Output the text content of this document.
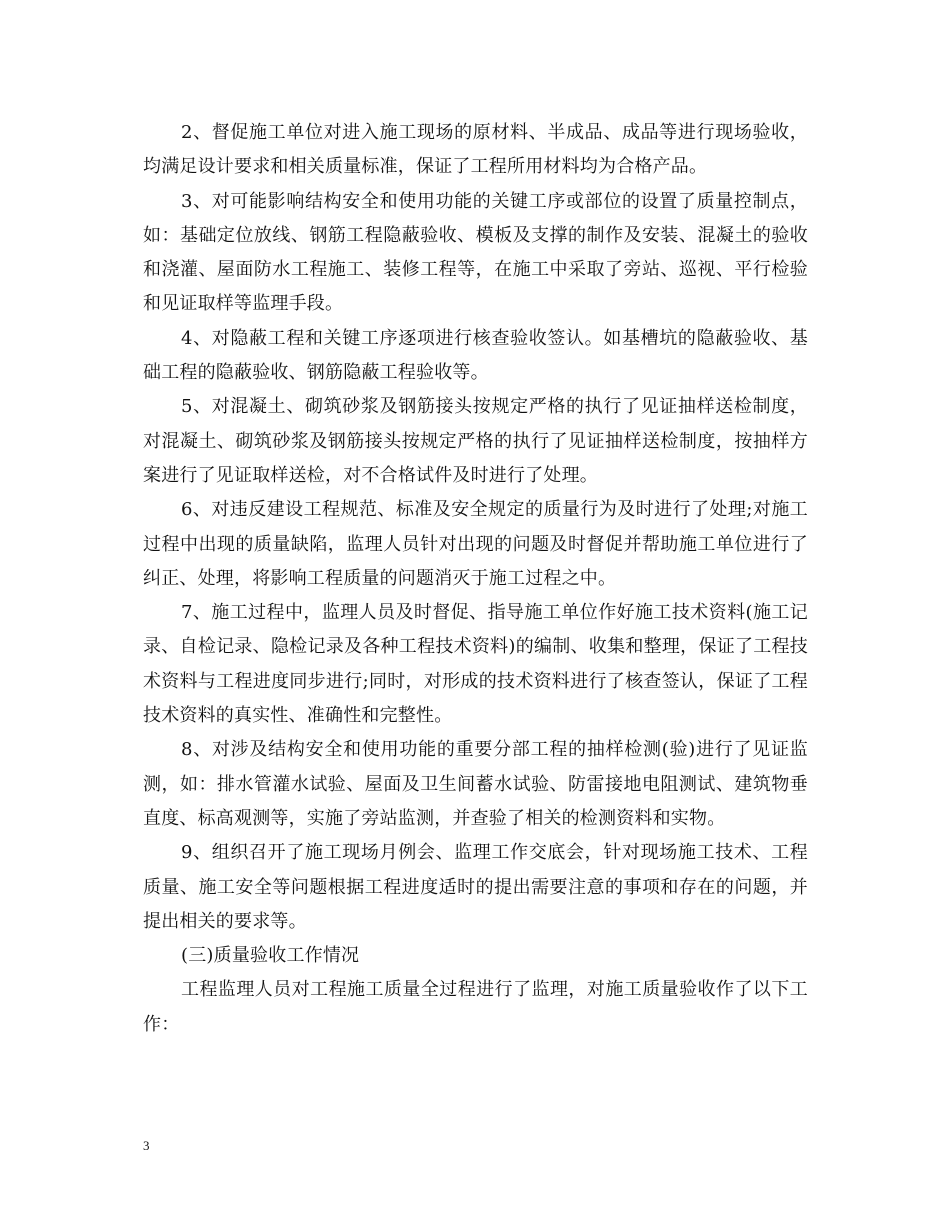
2、督促施工单位对进入施工现场的原材料、半成品、成品等进行现场验收，均满足设计要求和相关质量标准，保证了工程所用材料均为合格产品。

3、对可能影响结构安全和使用功能的关键工序或部位的设置了质量控制点，如：基础定位放线、钢筋工程隐蔽验收、模板及支撑的制作及安装、混凝土的验收和浇灌、屋面防水工程施工、装修工程等，在施工中采取了旁站、巡视、平行检验和见证取样等监理手段。

4、对隐蔽工程和关键工序逐项进行核查验收签认。如基槽坑的隐蔽验收、基础工程的隐蔽验收、钢筋隐蔽工程验收等。

5、对混凝土、砌筑砂浆及钢筋接头按规定严格的执行了见证抽样送检制度，对混凝土、砌筑砂浆及钢筋接头按规定严格的执行了见证抽样送检制度，按抽样方案进行了见证取样送检，对不合格试件及时进行了处理。

6、对违反建设工程规范、标准及安全规定的质量行为及时进行了处理;对施工过程中出现的质量缺陷，监理人员针对出现的问题及时督促并帮助施工单位进行了纠正、处理，将影响工程质量的问题消灭于施工过程之中。

7、施工过程中，监理人员及时督促、指导施工单位作好施工技术资料(施工记录、自检记录、隐检记录及各种工程技术资料)的编制、收集和整理，保证了工程技术资料与工程进度同步进行;同时，对形成的技术资料进行了核查签认，保证了工程技术资料的真实性、准确性和完整性。

8、对涉及结构安全和使用功能的重要分部工程的抽样检测(验)进行了见证监测，如：排水管灌水试验、屋面及卫生间蓄水试验、防雷接地电阻测试、建筑物垂直度、标高观测等，实施了旁站监测，并查验了相关的检测资料和实物。

9、组织召开了施工现场月例会、监理工作交底会，针对现场施工技术、工程质量、施工安全等问题根据工程进度适时的提出需要注意的事项和存在的问题，并提出相关的要求等。

(三)质量验收工作情况

工程监理人员对工程施工质量全过程进行了监理，对施工质量验收作了以下工作：

3
